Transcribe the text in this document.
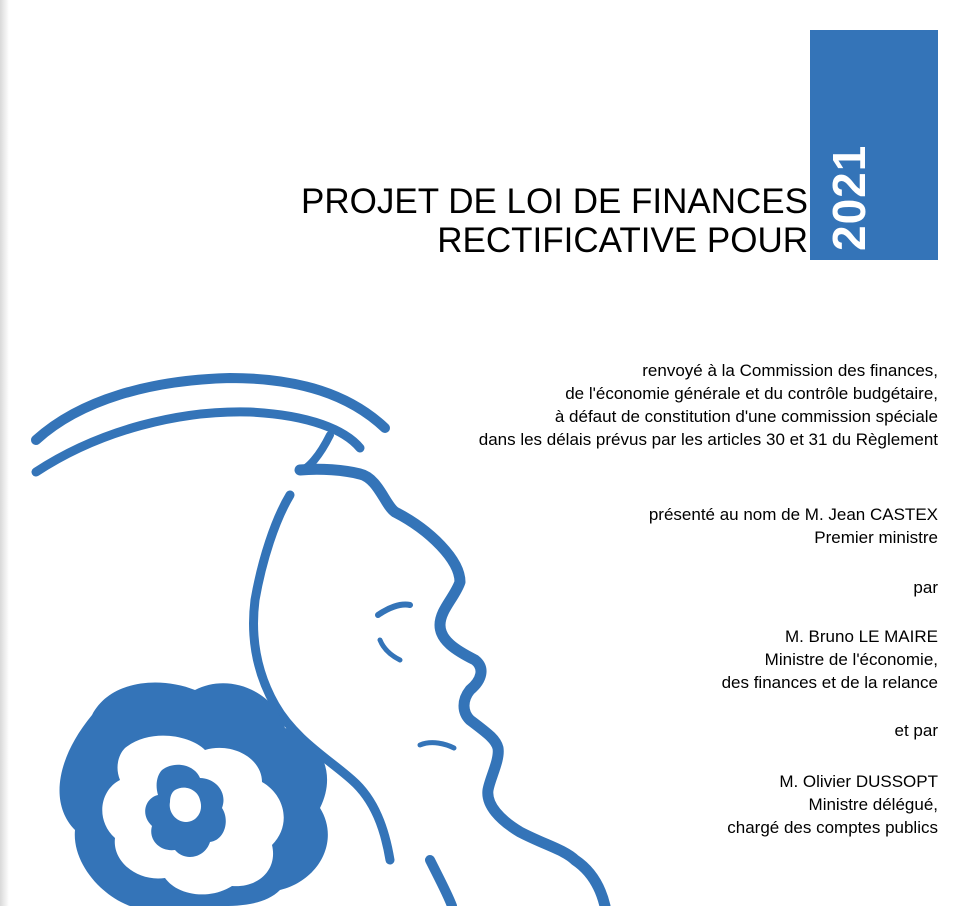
2021
PROJET DE LOI DE FINANCES
RECTIFICATIVE POUR
renvoyé à la Commission des finances,
de l'économie générale et du contrôle budgétaire,
à défaut de constitution d'une commission spéciale
dans les délais prévus par les articles 30 et 31 du Règlement
présenté au nom de M. Jean CASTEX
Premier ministre
par
M. Bruno LE MAIRE
Ministre de l'économie,
des finances et de la relance
et par
M. Olivier DUSSOPT
Ministre délégué,
chargé des comptes publics
